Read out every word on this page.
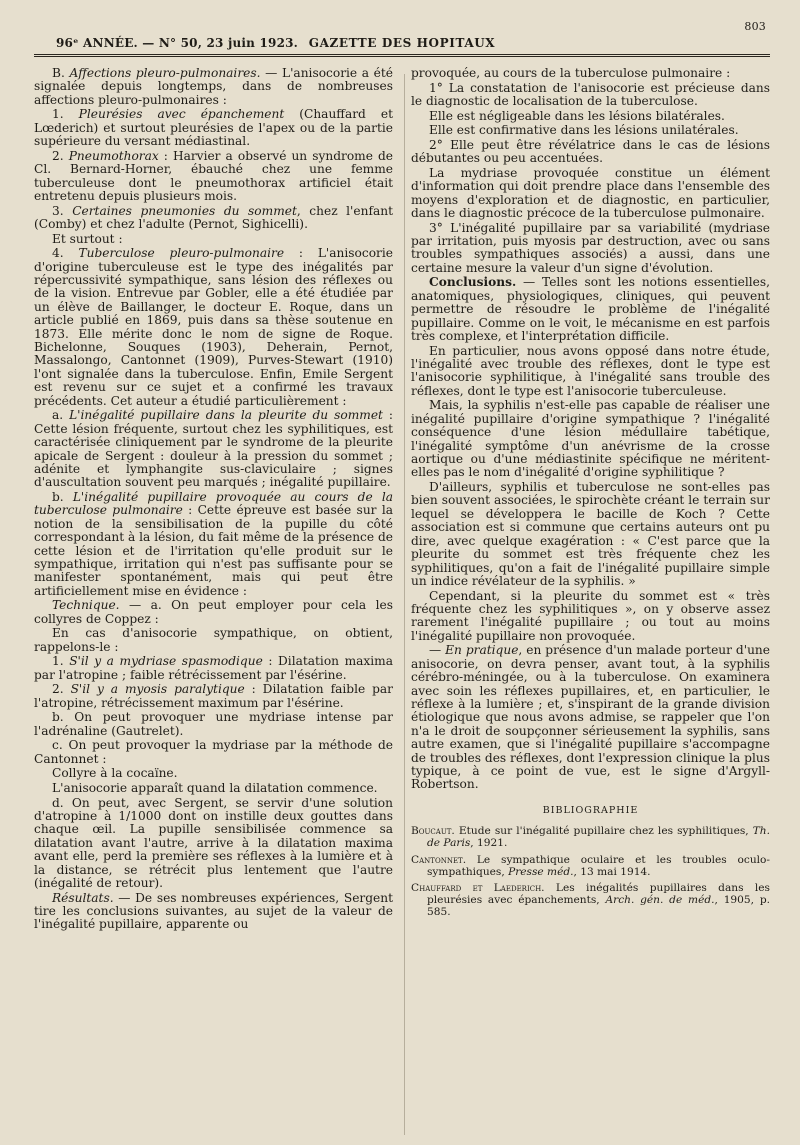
96ᵉ ANNÉE. — N° 50, 23 juin 1923. GAZETTE DES HOPITAUX
803

B. Affections pleuro-pulmonaires. — L'anisocorie a été signalée depuis longtemps, dans de nombreuses affections pleuro-pulmonaires :

1. Pleurésies avec épanchement (Chauffard et Lœderich) et surtout pleurésies de l'apex ou de la partie supérieure du versant médiastinal.

2. Pneumothorax : Harvier a observé un syndrome de Cl. Bernard-Horner, ébauché chez une femme tuberculeuse dont le pneumothorax artificiel était entretenu depuis plusieurs mois.

3. Certaines pneumonies du sommet, chez l'enfant (Comby) et chez l'adulte (Pernot, Sighicelli).

Et surtout :

4. Tuberculose pleuro-pulmonaire : L'anisocorie d'origine tuberculeuse est le type des inégalités par répercussivité sympathique, sans lésion des réflexes ou de la vision. Entrevue par Gobler, elle a été étudiée par un élève de Baillanger, le docteur E. Roque, dans un article publié en 1869, puis dans sa thèse soutenue en 1873. Elle mérite donc le nom de signe de Roque. Bichelonne, Souques (1903), Deherain, Pernot, Massalongo, Cantonnet (1909), Purves-Stewart (1910) l'ont signalée dans la tuberculose. Enfin, Emile Sergent est revenu sur ce sujet et a confirmé les travaux précédents. Cet auteur a étudié particulièrement :

a. L'inégalité pupillaire dans la pleurite du sommet : Cette lésion fréquente, surtout chez les syphilitiques, est caractérisée cliniquement par le syndrome de la pleurite apicale de Sergent : douleur à la pression du sommet ; adénite et lymphangite sus-claviculaire ; signes d'auscultation souvent peu marqués ; inégalité pupillaire.

b. L'inégalité pupillaire provoquée au cours de la tuberculose pulmonaire : Cette épreuve est basée sur la notion de la sensibilisation de la pupille du côté correspondant à la lésion, du fait même de la présence de cette lésion et de l'irritation qu'elle produit sur le sympathique, irritation qui n'est pas suffisante pour se manifester spontanément, mais qui peut être artificiellement mise en évidence :

Technique. — a. On peut employer pour cela les collyres de Coppez :

En cas d'anisocorie sympathique, on obtient, rappelons-le :

1. S'il y a mydriase spasmodique : Dilatation maxima par l'atropine ; faible rétrécissement par l'ésérine.

2. S'il y a myosis paralytique : Dilatation faible par l'atropine, rétrécissement maximum par l'ésérine.

b. On peut provoquer une mydriase intense par l'adrénaline (Gautrelet).

c. On peut provoquer la mydriase par la méthode de Cantonnet :

Collyre à la cocaïne.

L'anisocorie apparaît quand la dilatation commence.

d. On peut, avec Sergent, se servir d'une solution d'atropine à 1/1000 dont on instille deux gouttes dans chaque œil. La pupille sensibilisée commence sa dilatation avant l'autre, arrive à la dilatation maxima avant elle, perd la première ses réflexes à la lumière et à la distance, se rétrécit plus lentement que l'autre (inégalité de retour).

Résultats. — De ses nombreuses expériences, Sergent tire les conclusions suivantes, au sujet de la valeur de l'inégalité pupillaire, apparente ou

provoquée, au cours de la tuberculose pulmonaire :

1° La constatation de l'anisocorie est précieuse dans le diagnostic de localisation de la tuberculose.

Elle est négligeable dans les lésions bilatérales.

Elle est confirmative dans les lésions unilatérales.

2° Elle peut être révélatrice dans le cas de lésions débutantes ou peu accentuées.

La mydriase provoquée constitue un élément d'information qui doit prendre place dans l'ensemble des moyens d'exploration et de diagnostic, en particulier, dans le diagnostic précoce de la tuberculose pulmonaire.

3° L'inégalité pupillaire par sa variabilité (mydriase par irritation, puis myosis par destruction, avec ou sans troubles sympathiques associés) a aussi, dans une certaine mesure la valeur d'un signe d'évolution.

Conclusions. — Telles sont les notions essentielles, anatomiques, physiologiques, cliniques, qui peuvent permettre de résoudre le problème de l'inégalité pupillaire. Comme on le voit, le mécanisme en est parfois très complexe, et l'interprétation difficile.

En particulier, nous avons opposé dans notre étude, l'inégalité avec trouble des réflexes, dont le type est l'anisocorie syphilitique, à l'inégalité sans trouble des réflexes, dont le type est l'anisocorie tuberculeuse.

Mais, la syphilis n'est-elle pas capable de réaliser une inégalité pupillaire d'origine sympathique ? l'inégalité conséquence d'une lésion médullaire tabétique, l'inégalité symptôme d'un anévrisme de la crosse aortique ou d'une médiastinite spécifique ne méritent-elles pas le nom d'inégalité d'origine syphilitique ?

D'ailleurs, syphilis et tuberculose ne sont-elles pas bien souvent associées, le spirochète créant le terrain sur lequel se développera le bacille de Koch ? Cette association est si commune que certains auteurs ont pu dire, avec quelque exagération : « C'est parce que la pleurite du sommet est très fréquente chez les syphilitiques, qu'on a fait de l'inégalité pupillaire simple un indice révélateur de la syphilis. »

Cependant, si la pleurite du sommet est « très fréquente chez les syphilitiques », on y observe assez rarement l'inégalité pupillaire ; ou tout au moins l'inégalité pupillaire non provoquée.

— En pratique, en présence d'un malade porteur d'une anisocorie, on devra penser, avant tout, à la syphilis cérébro-méningée, ou à la tuberculose. On examinera avec soin les réflexes pupillaires, et, en particulier, le réflexe à la lumière ; et, s'inspirant de la grande division étiologique que nous avons admise, se rappeler que l'on n'a le droit de soupçonner sérieusement la syphilis, sans autre examen, que si l'inégalité pupillaire s'accompagne de troubles des réflexes, dont l'expression clinique la plus typique, à ce point de vue, est le signe d'Argyll-Robertson.

BIBLIOGRAPHIE

Boucaut. Etude sur l'inégalité pupillaire chez les syphilitiques, Th. de Paris, 1921.

Cantonnet. Le sympathique oculaire et les troubles oculo-sympathiques, Presse méd., 13 mai 1914.

Chauffard et Laederich. Les inégalités pupillaires dans les pleurésies avec épanchements, Arch. gén. de méd., 1905, p. 585.
